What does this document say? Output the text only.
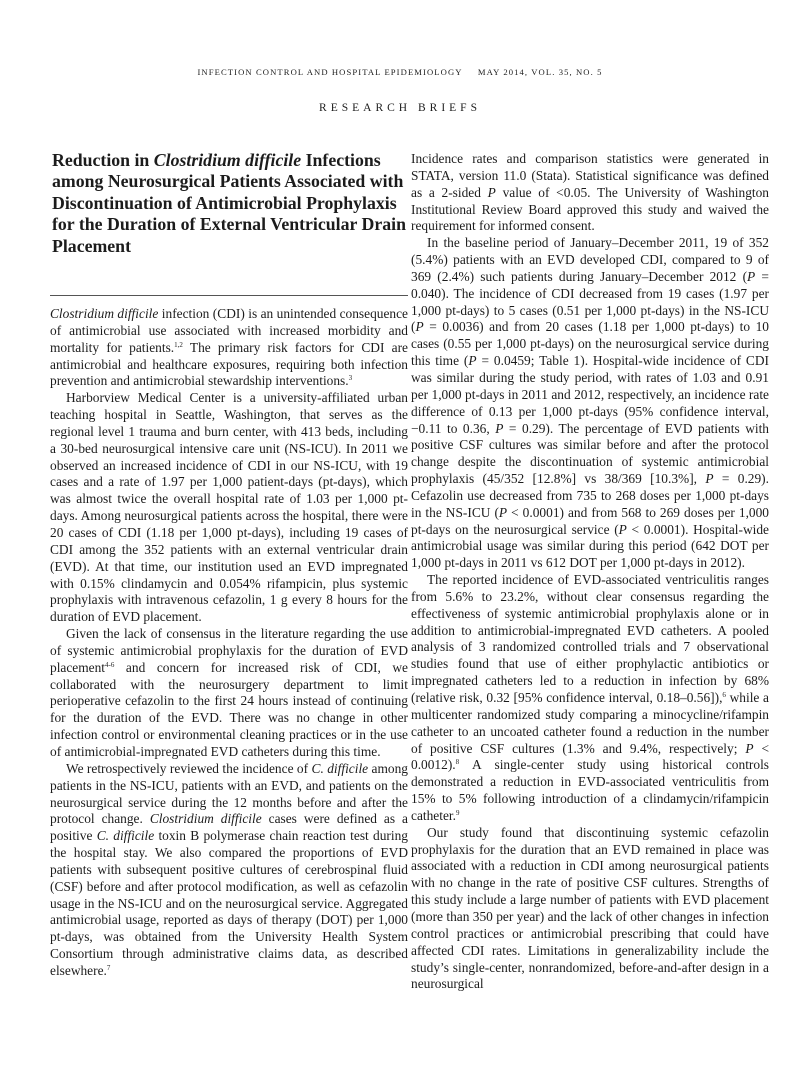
INFECTION CONTROL AND HOSPITAL EPIDEMIOLOGY MAY 2014, VOL. 35, NO. 5
RESEARCH BRIEFS
Reduction in Clostridium difficile Infections among Neurosurgical Patients Associated with Discontinuation of Antimicrobial Prophylaxis for the Duration of External Ventricular Drain Placement

Clostridium difficile infection (CDI) is an unintended consequence of antimicrobial use associated with increased morbidity and mortality for patients.$^{1,2}$ The primary risk factors for CDI are antimicrobial and healthcare exposures, requiring both infection prevention and antimicrobial stewardship interventions.$^3$

Harborview Medical Center is a university-affiliated urban teaching hospital in Seattle, Washington, that serves as the regional level 1 trauma and burn center, with 413 beds, including a 30-bed neurosurgical intensive care unit (NS-ICU). In 2011 we observed an increased incidence of CDI in our NS-ICU, with 19 cases and a rate of 1.97 per 1,000 patient-days (pt-days), which was almost twice the overall hospital rate of 1.03 per 1,000 pt-days. Among neurosurgical patients across the hospital, there were 20 cases of CDI (1.18 per 1,000 pt-days), including 19 cases of CDI among the 352 patients with an external ventricular drain (EVD). At that time, our institution used an EVD impregnated with 0.15% clindamycin and 0.054% rifampicin, plus systemic prophylaxis with intravenous cefazolin, 1 g every 8 hours for the duration of EVD placement.

Given the lack of consensus in the literature regarding the use of systemic antimicrobial prophylaxis for the duration of EVD placement$^{4-6}$ and concern for increased risk of CDI, we collaborated with the neurosurgery department to limit perioperative cefazolin to the first 24 hours instead of continuing for the duration of the EVD. There was no change in other infection control or environmental cleaning practices or in the use of antimicrobial-impregnated EVD catheters during this time.

We retrospectively reviewed the incidence of C. difficile among patients in the NS-ICU, patients with an EVD, and patients on the neurosurgical service during the 12 months before and after the protocol change. Clostridium difficile cases were defined as a positive C. difficile toxin B polymerase chain reaction test during the hospital stay. We also compared the proportions of EVD patients with subsequent positive cultures of cerebrospinal fluid (CSF) before and after protocol modification, as well as cefazolin usage in the NS-ICU and on the neurosurgical service. Aggregated antimicrobial usage, reported as days of therapy (DOT) per 1,000 pt-days, was obtained from the University Health System Consortium through administrative claims data, as described elsewhere.$^7$

Incidence rates and comparison statistics were generated in STATA, version 11.0 (Stata). Statistical significance was defined as a 2-sided P value of <0.05. The University of Washington Institutional Review Board approved this study and waived the requirement for informed consent.

In the baseline period of January–December 2011, 19 of 352 (5.4%) patients with an EVD developed CDI, compared to 9 of 369 (2.4%) such patients during January–December 2012 (P = 0.040). The incidence of CDI decreased from 19 cases (1.97 per 1,000 pt-days) to 5 cases (0.51 per 1,000 pt-days) in the NS-ICU (P = 0.0036) and from 20 cases (1.18 per 1,000 pt-days) to 10 cases (0.55 per 1,000 pt-days) on the neurosurgical service during this time (P = 0.0459; Table 1). Hospital-wide incidence of CDI was similar during the study period, with rates of 1.03 and 0.91 per 1,000 pt-days in 2011 and 2012, respectively, an incidence rate difference of 0.13 per 1,000 pt-days (95% confidence interval, −0.11 to 0.36, P = 0.29). The percentage of EVD patients with positive CSF cultures was similar before and after the protocol change despite the discontinuation of systemic antimicrobial prophylaxis (45/352 [12.8%] vs 38/369 [10.3%], P = 0.29). Cefazolin use decreased from 735 to 268 doses per 1,000 pt-days in the NS-ICU (P < 0.0001) and from 568 to 269 doses per 1,000 pt-days on the neurosurgical service (P < 0.0001). Hospital-wide antimicrobial usage was similar during this period (642 DOT per 1,000 pt-days in 2011 vs 612 DOT per 1,000 pt-days in 2012).

The reported incidence of EVD-associated ventriculitis ranges from 5.6% to 23.2%, without clear consensus regarding the effectiveness of systemic antimicrobial prophylaxis alone or in addition to antimicrobial-impregnated EVD catheters. A pooled analysis of 3 randomized controlled trials and 7 observational studies found that use of either prophylactic antibiotics or impregnated catheters led to a reduction in infection by 68% (relative risk, 0.32 [95% confidence interval, 0.18–0.56]),$^6$ while a multicenter randomized study comparing a minocycline/rifampin catheter to an uncoated catheter found a reduction in the number of positive CSF cultures (1.3% and 9.4%, respectively; P < 0.0012).$^8$ A single-center study using historical controls demonstrated a reduction in EVD-associated ventriculitis from 15% to 5% following introduction of a clindamycin/rifampicin catheter.$^9$

Our study found that discontinuing systemic cefazolin prophylaxis for the duration that an EVD remained in place was associated with a reduction in CDI among neurosurgical patients with no change in the rate of positive CSF cultures. Strengths of this study include a large number of patients with EVD placement (more than 350 per year) and the lack of other changes in infection control practices or antimicrobial prescribing that could have affected CDI rates. Limitations in generalizability include the study’s single-center, nonrandomized, before-and-after design in a neurosurgical
